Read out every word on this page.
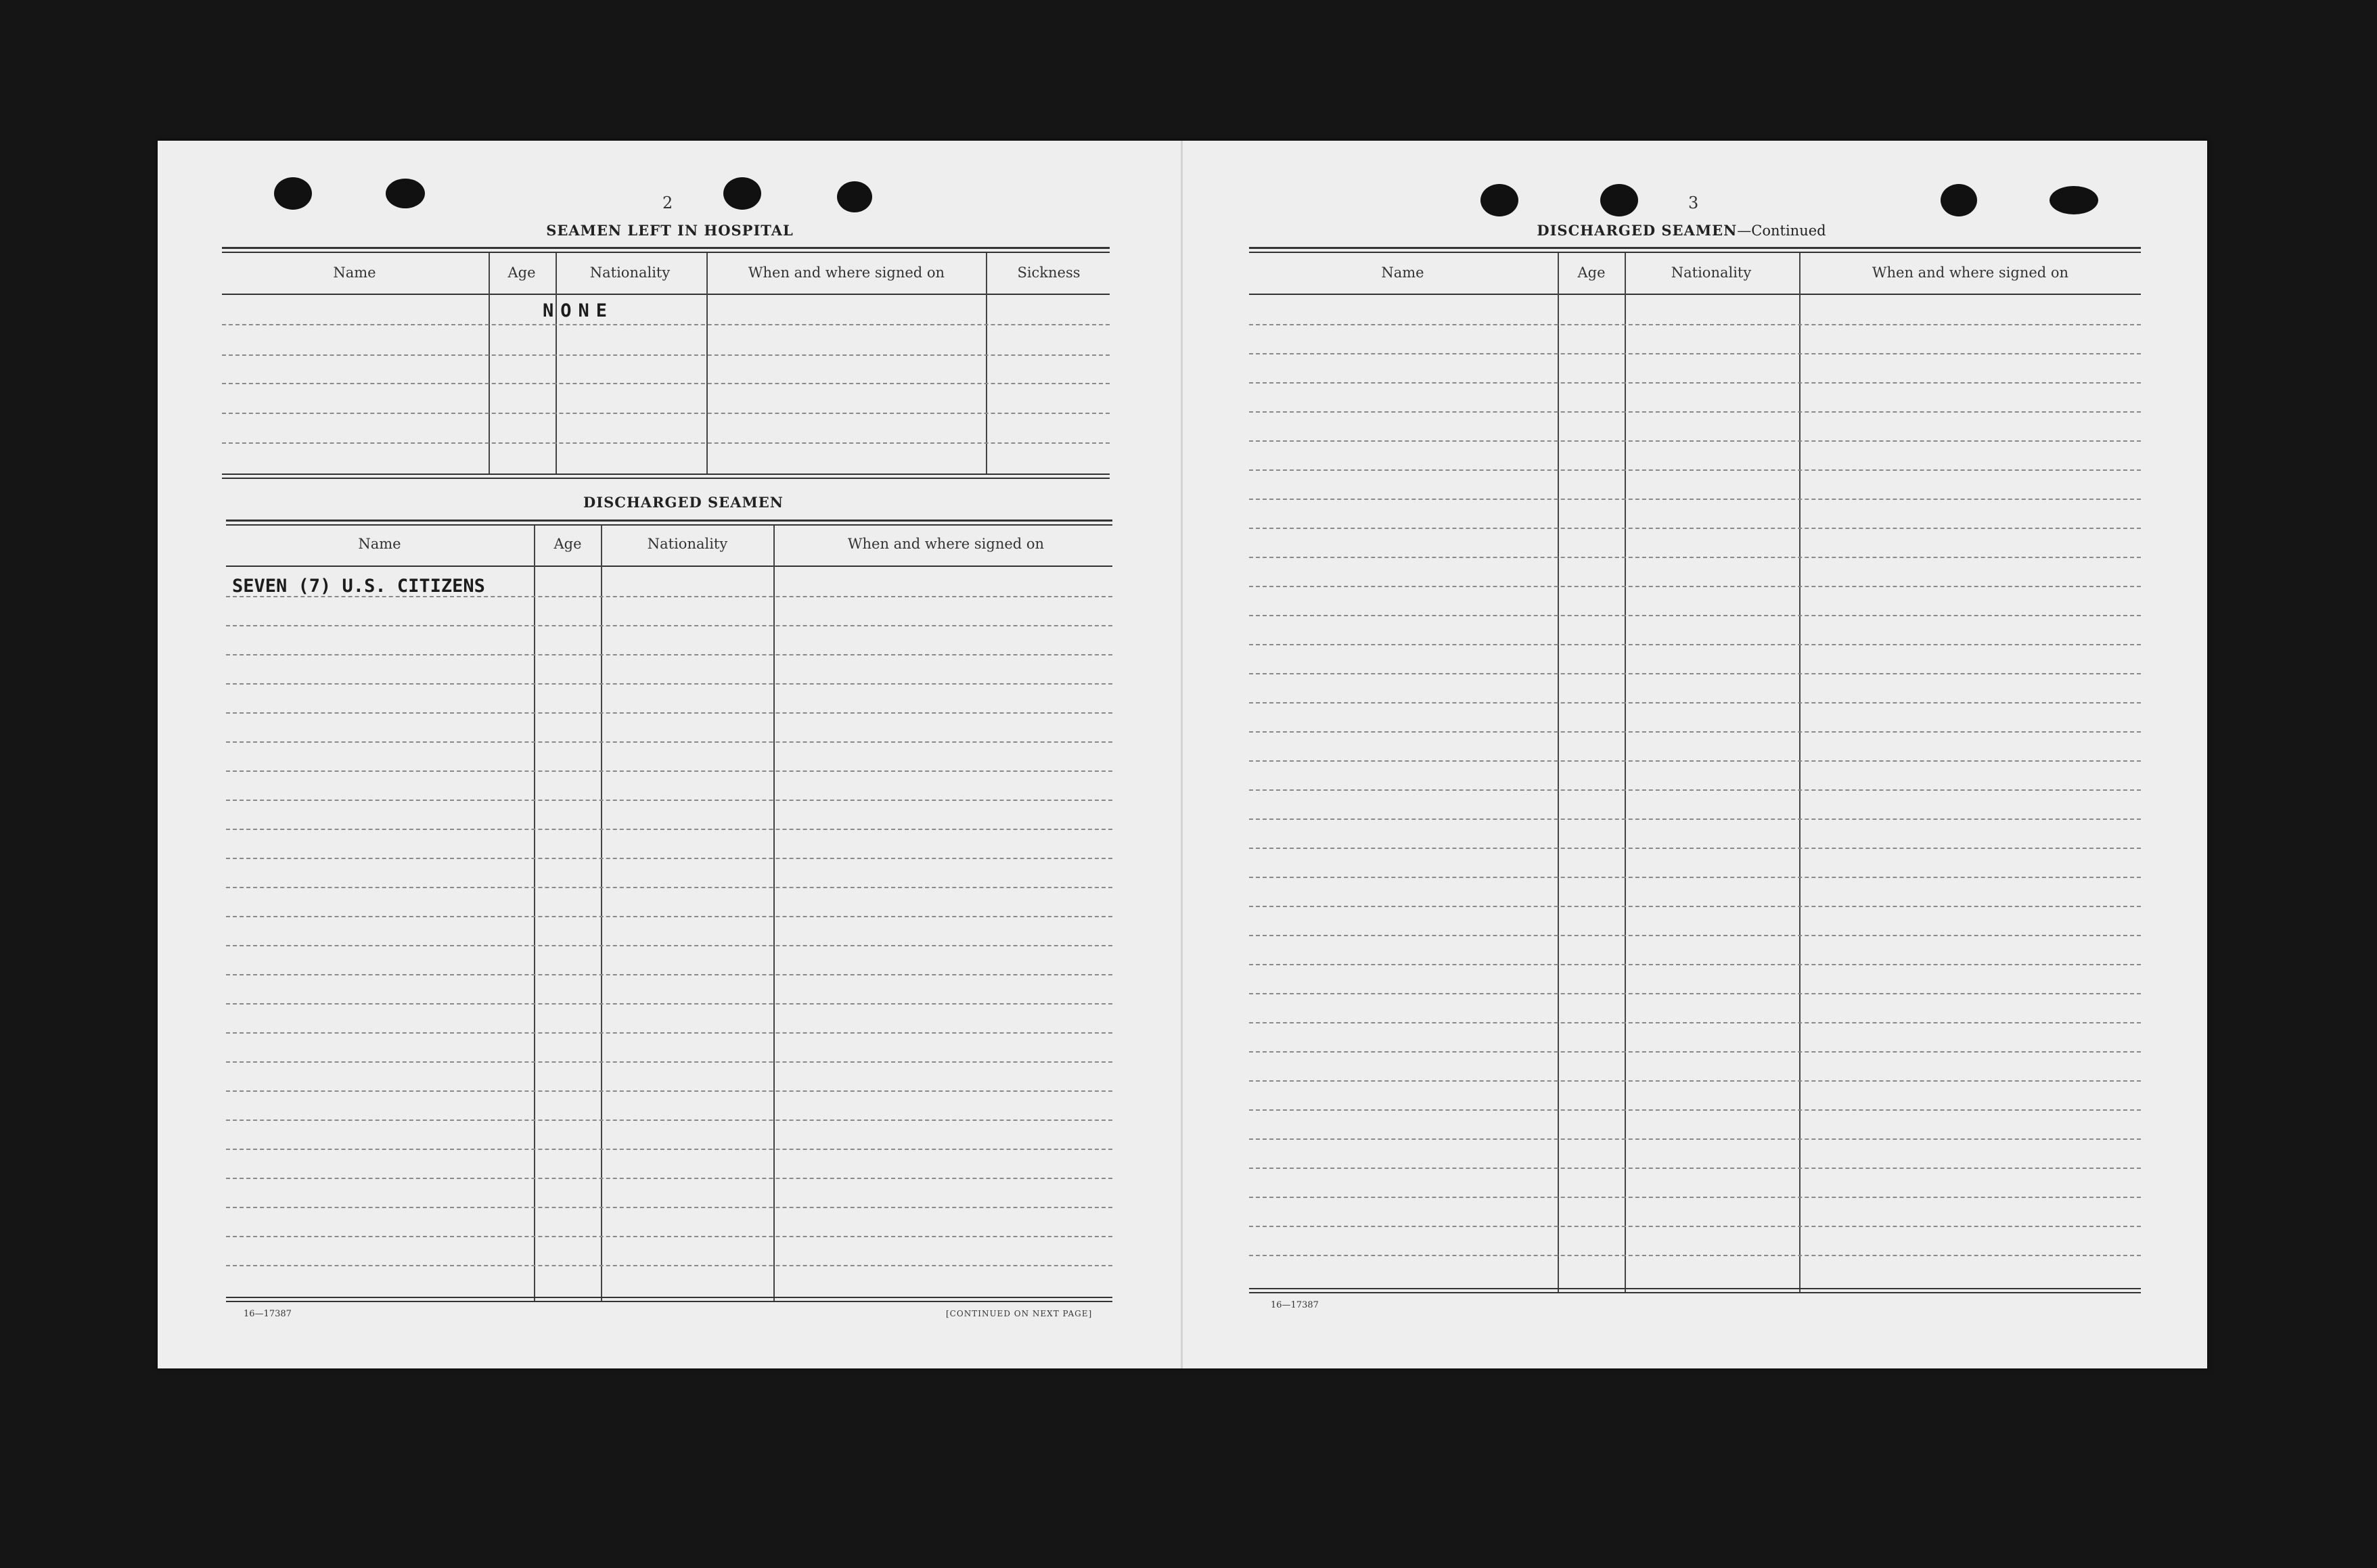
2
SEAMEN LEFT IN HOSPITAL
Name	Age	Nationality	When and where signed on	Sickness
NONE
DISCHARGED SEAMEN
Name	Age	Nationality	When and where signed on
SEVEN (7) U.S. CITIZENS
16—17387	[CONTINUED ON NEXT PAGE]
3
DISCHARGED SEAMEN—Continued
Name	Age	Nationality	When and where signed on
16—17387
